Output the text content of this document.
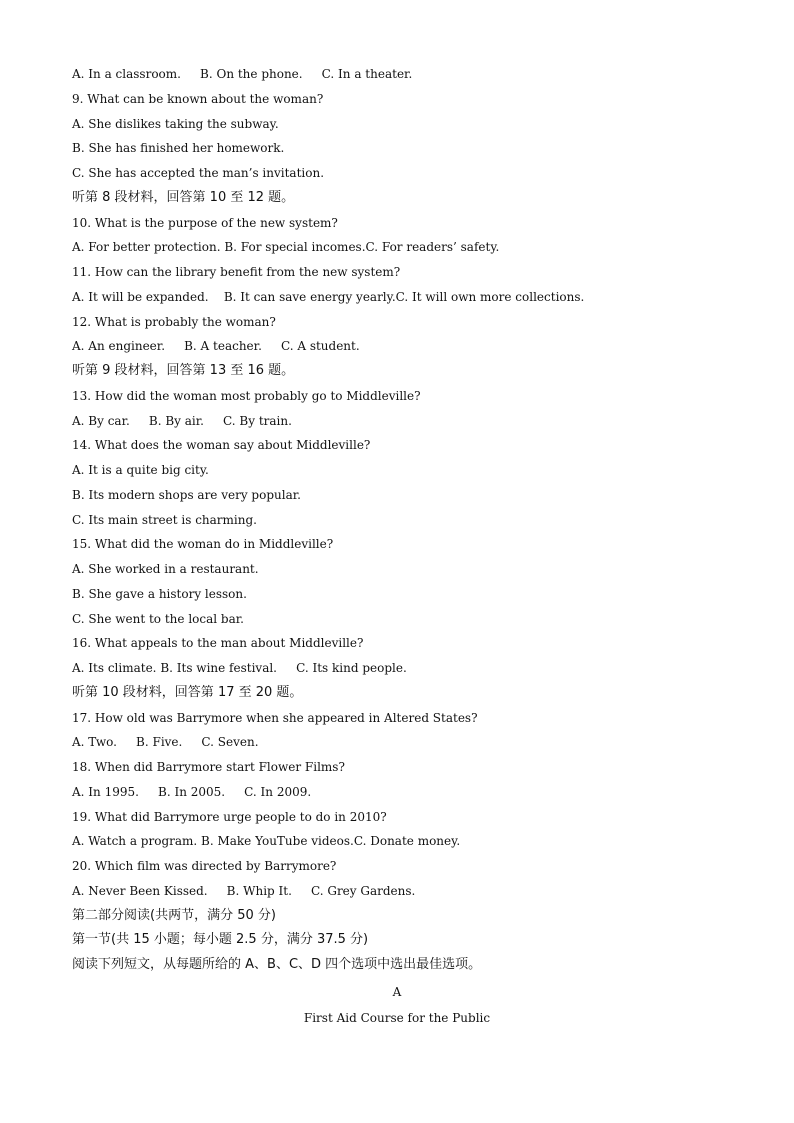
A. In a classroom.     B. On the phone.     C. In a theater.
9. What can be known about the woman?
A. She dislikes taking the subway.
B. She has finished her homework.
C. She has accepted the man’s invitation.
听第 8 段材料，回答第 10 至 12 题。
10. What is the purpose of the new system?
A. For better protection. B. For special incomes.C. For readers’ safety.
11. How can the library benefit from the new system?
A. It will be expanded.    B. It can save energy yearly.C. It will own more collections.
12. What is probably the woman?
A. An engineer.     B. A teacher.     C. A student.
听第 9 段材料，回答第 13 至 16 题。
13. How did the woman most probably go to Middleville?
A. By car.     B. By air.     C. By train.
14. What does the woman say about Middleville?
A. It is a quite big city.
B. Its modern shops are very popular.
C. Its main street is charming.
15. What did the woman do in Middleville?
A. She worked in a restaurant.
B. She gave a history lesson.
C. She went to the local bar.
16. What appeals to the man about Middleville?
A. Its climate. B. Its wine festival.     C. Its kind people.
听第 10 段材料，回答第 17 至 20 题。
17. How old was Barrymore when she appeared in Altered States?
A. Two.     B. Five.     C. Seven.
18. When did Barrymore start Flower Films?
A. In 1995.     B. In 2005.     C. In 2009.
19. What did Barrymore urge people to do in 2010?
A. Watch a program. B. Make YouTube videos.C. Donate money.
20. Which film was directed by Barrymore?
A. Never Been Kissed.     B. Whip It.     C. Grey Gardens.
第二部分阅读(共两节，满分 50 分)
第一节(共 15 小题；每小题 2.5 分，满分 37.5 分)
阅读下列短文，从每题所给的 A、B、C、D 四个选项中选出最佳选项。
A
First Aid Course for the Public
